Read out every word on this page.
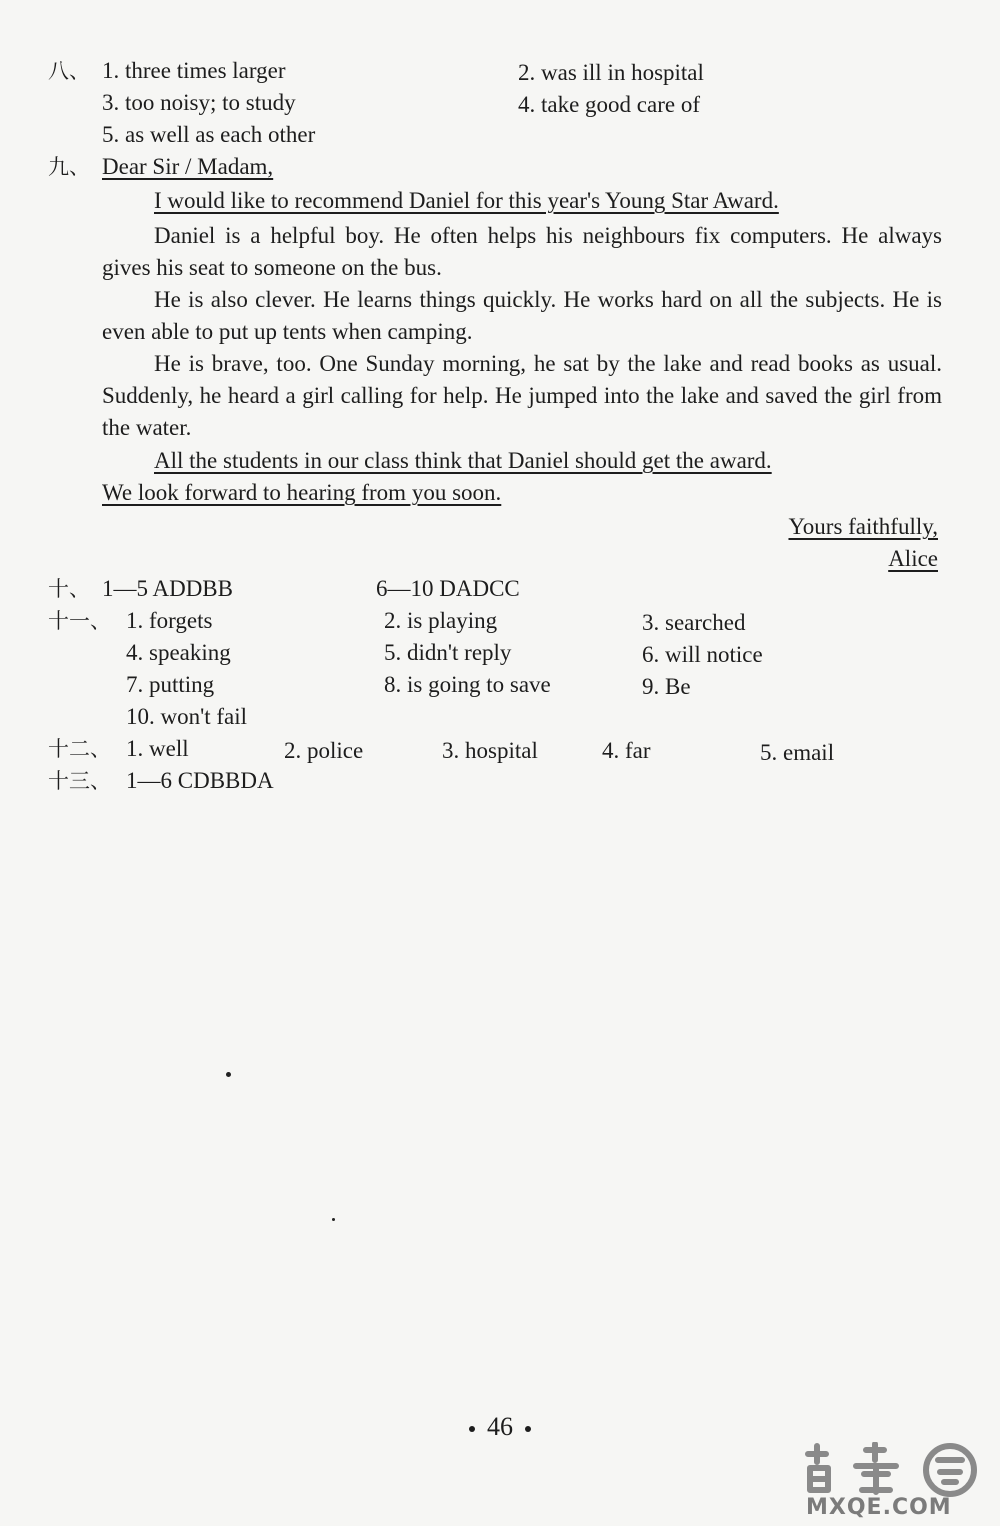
八、 1. three times larger	2. was ill in hospital
3. too noisy; to study	4. take good care of
5. as well as each other
九、 Dear Sir / Madam,
I would like to recommend Daniel for this year's Young Star Award.
Daniel is a helpful boy. He often helps his neighbours fix computers. He always gives his seat to someone on the bus.
He is also clever. He learns things quickly. He works hard on all the subjects. He is even able to put up tents when camping.
He is brave, too. One Sunday morning, he sat by the lake and read books as usual. Suddenly, he heard a girl calling for help. He jumped into the lake and saved the girl from the water.
All the students in our class think that Daniel should get the award.
We look forward to hearing from you soon.
Yours faithfully,
Alice
十、 1—5 ADDBB	6—10 DADCC
十一、 1. forgets	2. is playing	3. searched
4. speaking	5. didn't reply	6. will notice
7. putting	8. is going to save	9. Be
10. won't fail
十二、 1. well	2. police	3. hospital	4. far	5. email
十三、 1—6 CDBBDA
46
MXQE.COM
